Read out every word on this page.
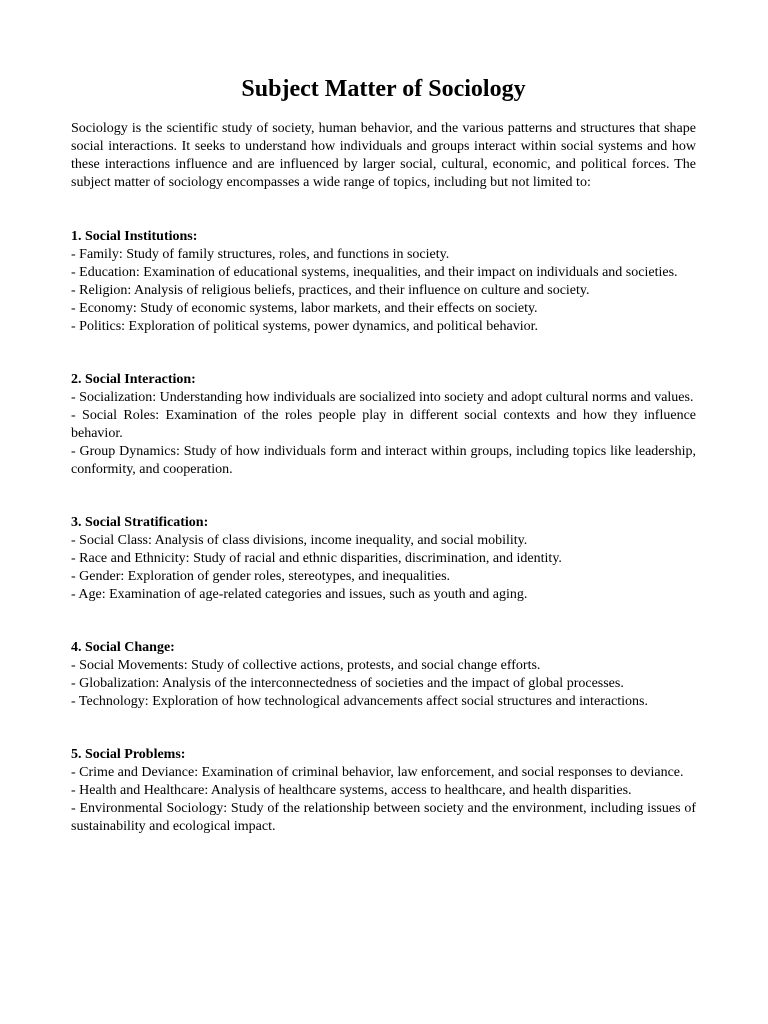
Subject Matter of Sociology

Sociology is the scientific study of society, human behavior, and the various patterns and structures that shape social interactions. It seeks to understand how individuals and groups interact within social systems and how these interactions influence and are influenced by larger social, cultural, economic, and political forces. The subject matter of sociology encompasses a wide range of topics, including but not limited to:

1. Social Institutions:

- Family: Study of family structures, roles, and functions in society.

- Education: Examination of educational systems, inequalities, and their impact on individuals and societies.

- Religion: Analysis of religious beliefs, practices, and their influence on culture and society.

- Economy: Study of economic systems, labor markets, and their effects on society.

- Politics: Exploration of political systems, power dynamics, and political behavior.

2. Social Interaction:

- Socialization: Understanding how individuals are socialized into society and adopt cultural norms and values.

- Social Roles: Examination of the roles people play in different social contexts and how they influence behavior.

- Group Dynamics: Study of how individuals form and interact within groups, including topics like leadership, conformity, and cooperation.

3. Social Stratification:

- Social Class: Analysis of class divisions, income inequality, and social mobility.

- Race and Ethnicity: Study of racial and ethnic disparities, discrimination, and identity.

- Gender: Exploration of gender roles, stereotypes, and inequalities.

- Age: Examination of age-related categories and issues, such as youth and aging.

4. Social Change:

- Social Movements: Study of collective actions, protests, and social change efforts.

- Globalization: Analysis of the interconnectedness of societies and the impact of global processes.

- Technology: Exploration of how technological advancements affect social structures and interactions.

5. Social Problems:

- Crime and Deviance: Examination of criminal behavior, law enforcement, and social responses to deviance.

- Health and Healthcare: Analysis of healthcare systems, access to healthcare, and health disparities.

- Environmental Sociology: Study of the relationship between society and the environment, including issues of sustainability and ecological impact.
